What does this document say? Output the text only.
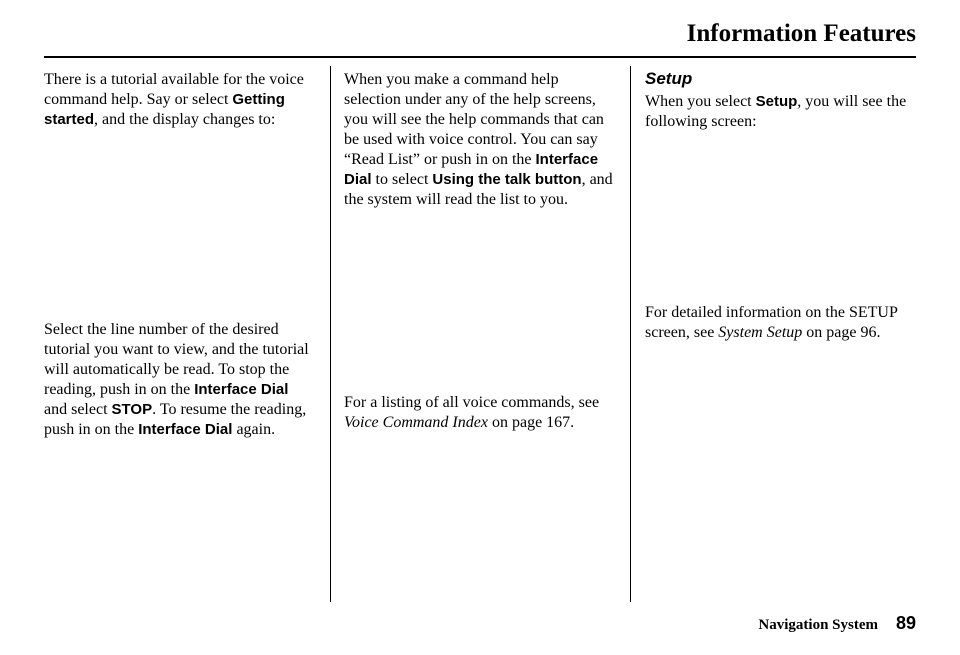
Information Features

There is a tutorial available for the voice command help. Say or select Getting started, and the display changes to:

Select the line number of the desired tutorial you want to view, and the tutorial will automatically be read. To stop the reading, push in on the Interface Dial and select STOP. To resume the reading, push in on the Interface Dial again.

When you make a command help selection under any of the help screens, you will see the help commands that can be used with voice control. You can say “Read List” or push in on the Interface Dial to select Using the talk button, and the system will read the list to you.

For a listing of all voice commands, see Voice Command Index on page 167.

Setup

When you select Setup, you will see the following screen:

For detailed information on the SETUP screen, see System Setup on page 96.

Navigation System 89
